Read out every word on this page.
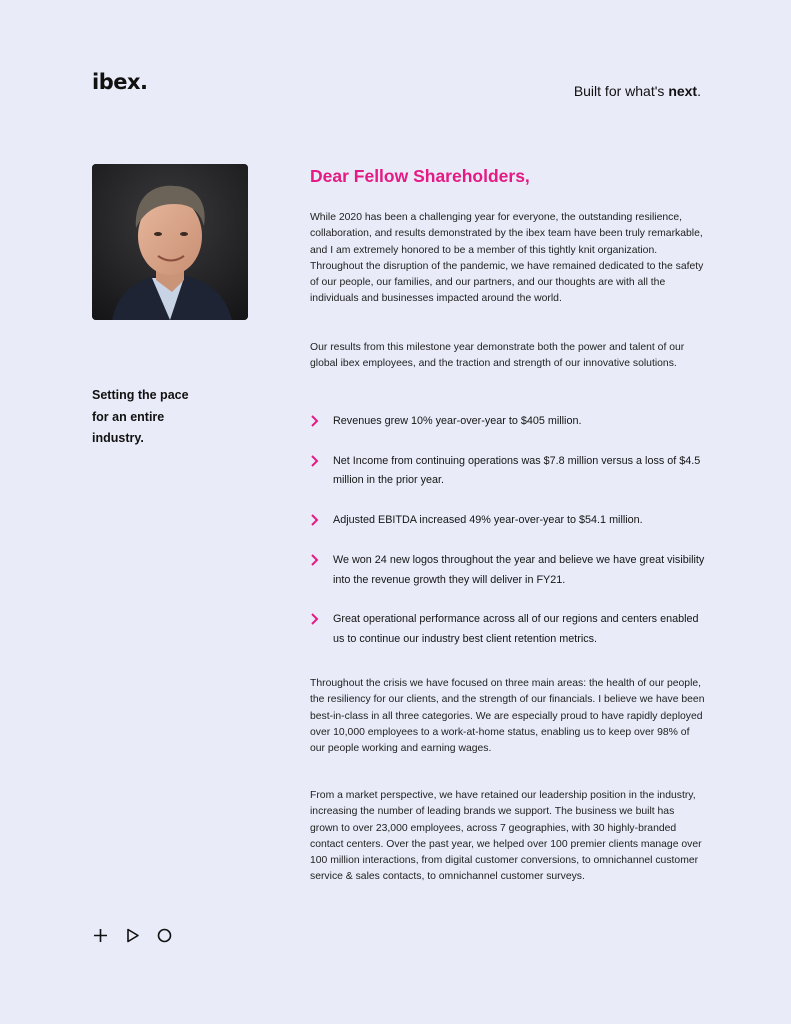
ibex.	Built for what's next.
Setting the pace
for an entire
industry.
Dear Fellow Shareholders,

While 2020 has been a challenging year for everyone, the outstanding resilience, collaboration, and results demonstrated by the ibex team have been truly remarkable, and I am extremely honored to be a member of this tightly knit organization. Throughout the disruption of the pandemic, we have remained dedicated to the safety of our people, our families, and our partners, and our thoughts are with all the individuals and businesses impacted around the world.

Our results from this milestone year demonstrate both the power and talent of our global ibex employees, and the traction and strength of our innovative solutions.

Revenues grew 10% year-over-year to $405 million.
Net Income from continuing operations was $7.8 million versus a loss of $4.5 million in the prior year.
Adjusted EBITDA increased 49% year-over-year to $54.1 million.
We won 24 new logos throughout the year and believe we have great visibility into the revenue growth they will deliver in FY21.
Great operational performance across all of our regions and centers enabled us to continue our industry best client retention metrics.

Throughout the crisis we have focused on three main areas: the health of our people, the resiliency for our clients, and the strength of our financials. I believe we have been best-in-class in all three categories. We are especially proud to have rapidly deployed over 10,000 employees to a work-at-home status, enabling us to keep over 98% of our people working and earning wages.

From a market perspective, we have retained our leadership position in the industry, increasing the number of leading brands we support. The business we built has grown to over 23,000 employees, across 7 geographies, with 30 highly-branded contact centers. Over the past year, we helped over 100 premier clients manage over 100 million interactions, from digital customer conversions, to omnichannel customer service & sales contacts, to omnichannel customer surveys.
